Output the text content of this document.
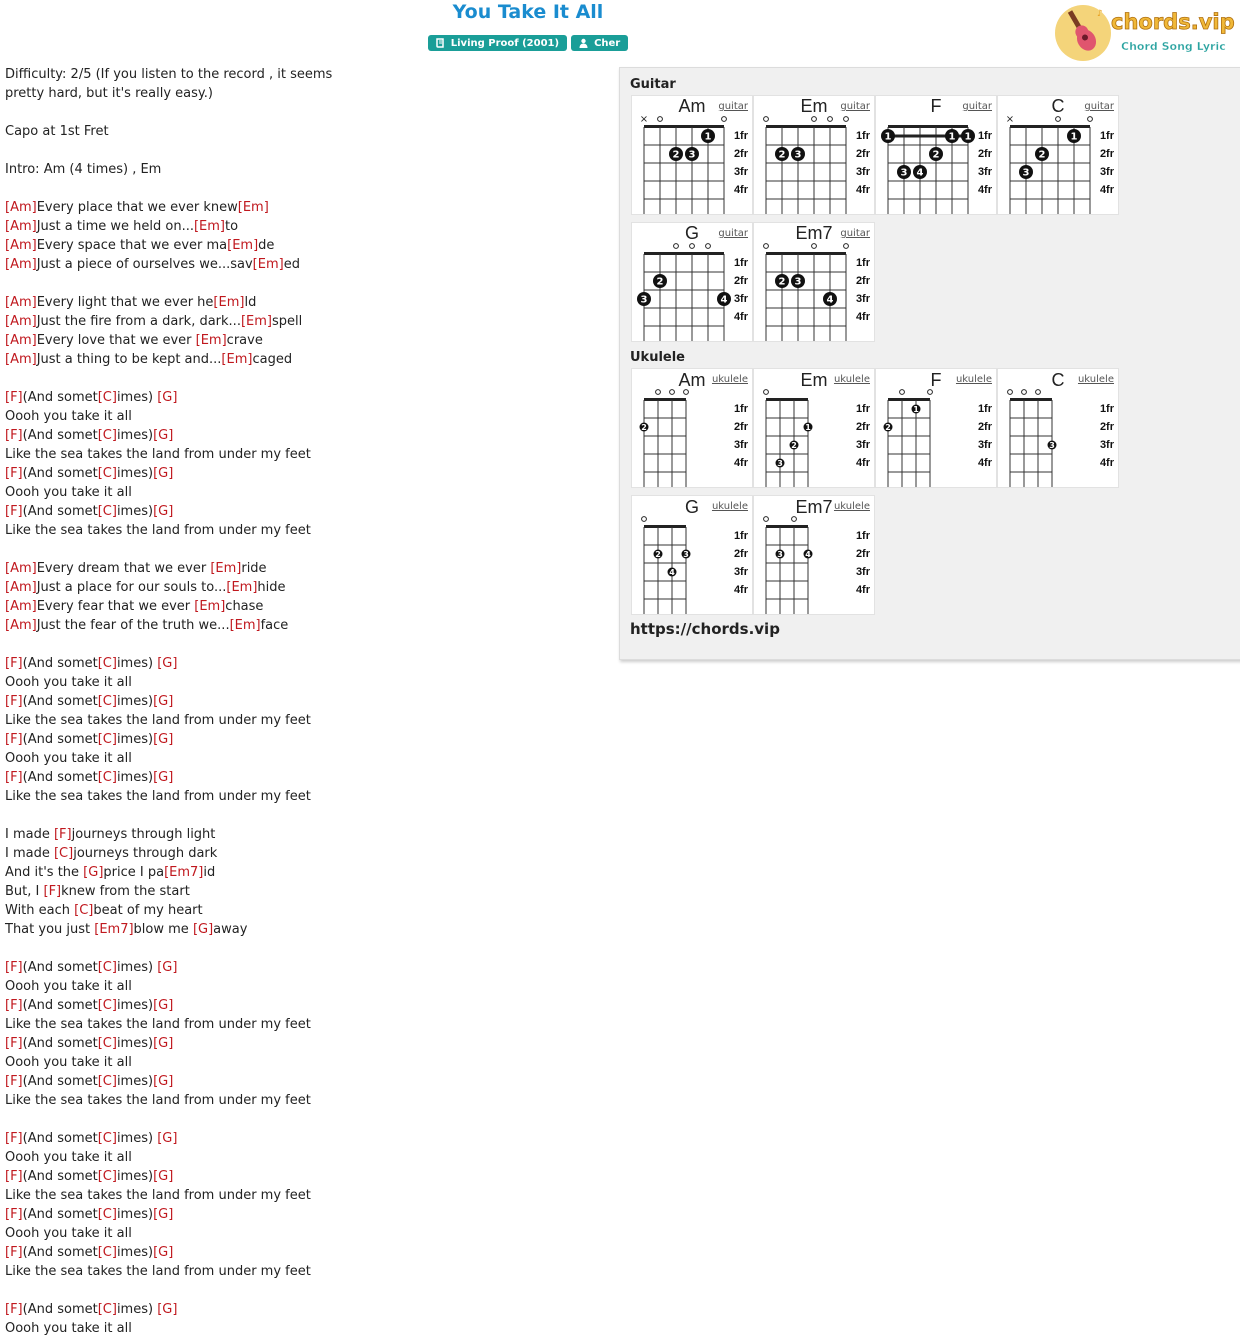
You Take It All
Living Proof (2001)
	Cher
♪ chords.vip
Chord Song Lyric
Difficulty: 2/5 (If you listen to the record , it seems
pretty hard, but it's really easy.)
Capo at 1st Fret
Intro: Am (4 times) , Em
[Am]Every place that we ever knew[Em]
[Am]Just a time we held on...[Em]to
[Am]Every space that we ever ma[Em]de
[Am]Just a piece of ourselves we...sav[Em]ed
[Am]Every light that we ever he[Em]ld
[Am]Just the fire from a dark, dark...[Em]spell
[Am]Every love that we ever [Em]crave
[Am]Just a thing to be kept and...[Em]caged
[F](And somet[C]imes) [G]
Oooh you take it all
[F](And somet[C]imes)[G]
Like the sea takes the land from under my feet
[F](And somet[C]imes)[G]
Oooh you take it all
[F](And somet[C]imes)[G]
Like the sea takes the land from under my feet
[Am]Every dream that we ever [Em]ride
[Am]Just a place for our souls to...[Em]hide
[Am]Every fear that we ever [Em]chase
[Am]Just the fear of the truth we...[Em]face
[F](And somet[C]imes) [G]
Oooh you take it all
[F](And somet[C]imes)[G]
Like the sea takes the land from under my feet
[F](And somet[C]imes)[G]
Oooh you take it all
[F](And somet[C]imes)[G]
Like the sea takes the land from under my feet
I made [F]journeys through light
I made [C]journeys through dark
And it's the [G]price I pa[Em7]id
But, I [F]knew from the start
With each [C]beat of my heart
That you just [Em7]blow me [G]away
[F](And somet[C]imes) [G]
Oooh you take it all
[F](And somet[C]imes)[G]
Like the sea takes the land from under my feet
[F](And somet[C]imes)[G]
Oooh you take it all
[F](And somet[C]imes)[G]
Like the sea takes the land from under my feet
[F](And somet[C]imes) [G]
Oooh you take it all
[F](And somet[C]imes)[G]
Like the sea takes the land from under my feet
[F](And somet[C]imes)[G]
Oooh you take it all
[F](And somet[C]imes)[G]
Like the sea takes the land from under my feet
[F](And somet[C]imes) [G]
Oooh you take it all
Guitar
Ukulele
https://chords.vip
Am	guitar
×
1
2 3
1fr
2fr
3fr
4fr
Em	guitar
2 3
1fr
2fr
3fr
4fr
F	guitar
1	1 1
2
3 4
1fr
2fr
3fr
4fr
C	guitar
×
1
2
3
1fr
2fr
3fr
4fr
G	guitar
2
3	4
1fr
2fr
3fr
4fr
Em7 guitar
2 3
4
1fr
2fr
3fr
4fr
Am ukulele
2
1fr
2fr
3fr
4fr
Em ukulele
1
2
3
1fr
2fr
3fr
4fr
F	ukulele
2
1	1fr
2fr
3fr
4fr
C	ukulele
3
1fr
2fr
3fr
4fr
G	ukulele
2	3
4
1fr
2fr
3fr
4fr
Em7 ukulele
3	4
1fr
2fr
3fr
4fr
